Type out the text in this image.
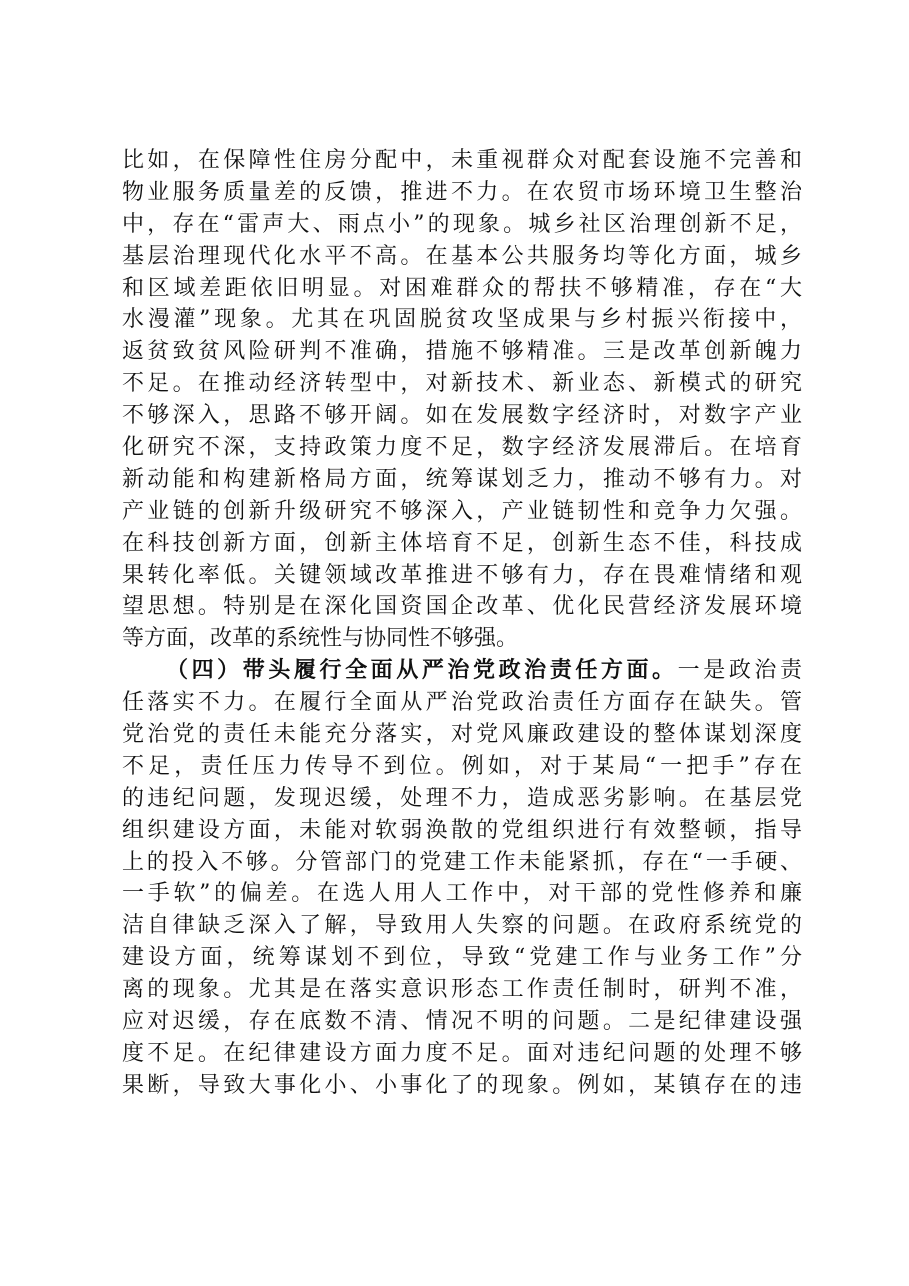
比如，在保障性住房分配中，未重视群众对配套设施不完善和
物业服务质量差的反馈，推进不力。在农贸市场环境卫生整治
中，存在“雷声大、雨点小”的现象。城乡社区治理创新不足，
基层治理现代化水平不高。在基本公共服务均等化方面，城乡
和区域差距依旧明显。对困难群众的帮扶不够精准，存在“大
水漫灌”现象。尤其在巩固脱贫攻坚成果与乡村振兴衔接中，
返贫致贫风险研判不准确，措施不够精准。三是改革创新魄力
不足。在推动经济转型中，对新技术、新业态、新模式的研究
不够深入，思路不够开阔。如在发展数字经济时，对数字产业
化研究不深，支持政策力度不足，数字经济发展滞后。在培育
新动能和构建新格局方面，统筹谋划乏力，推动不够有力。对
产业链的创新升级研究不够深入，产业链韧性和竞争力欠强。
在科技创新方面，创新主体培育不足，创新生态不佳，科技成
果转化率低。关键领域改革推进不够有力，存在畏难情绪和观
望思想。特别是在深化国资国企改革、优化民营经济发展环境
等方面，改革的系统性与协同性不够强。
（四）带头履行全面从严治党政治责任方面。一是政治责
任落实不力。在履行全面从严治党政治责任方面存在缺失。管
党治党的责任未能充分落实，对党风廉政建设的整体谋划深度
不足，责任压力传导不到位。例如，对于某局“一把手”存在
的违纪问题，发现迟缓，处理不力，造成恶劣影响。在基层党
组织建设方面，未能对软弱涣散的党组织进行有效整顿，指导
上的投入不够。分管部门的党建工作未能紧抓，存在“一手硬、
一手软”的偏差。在选人用人工作中，对干部的党性修养和廉
洁自律缺乏深入了解，导致用人失察的问题。在政府系统党的
建设方面，统筹谋划不到位，导致“党建工作与业务工作”分
离的现象。尤其是在落实意识形态工作责任制时，研判不准，
应对迟缓，存在底数不清、情况不明的问题。二是纪律建设强
度不足。在纪律建设方面力度不足。面对违纪问题的处理不够
果断，导致大事化小、小事化了的现象。例如，某镇存在的违
